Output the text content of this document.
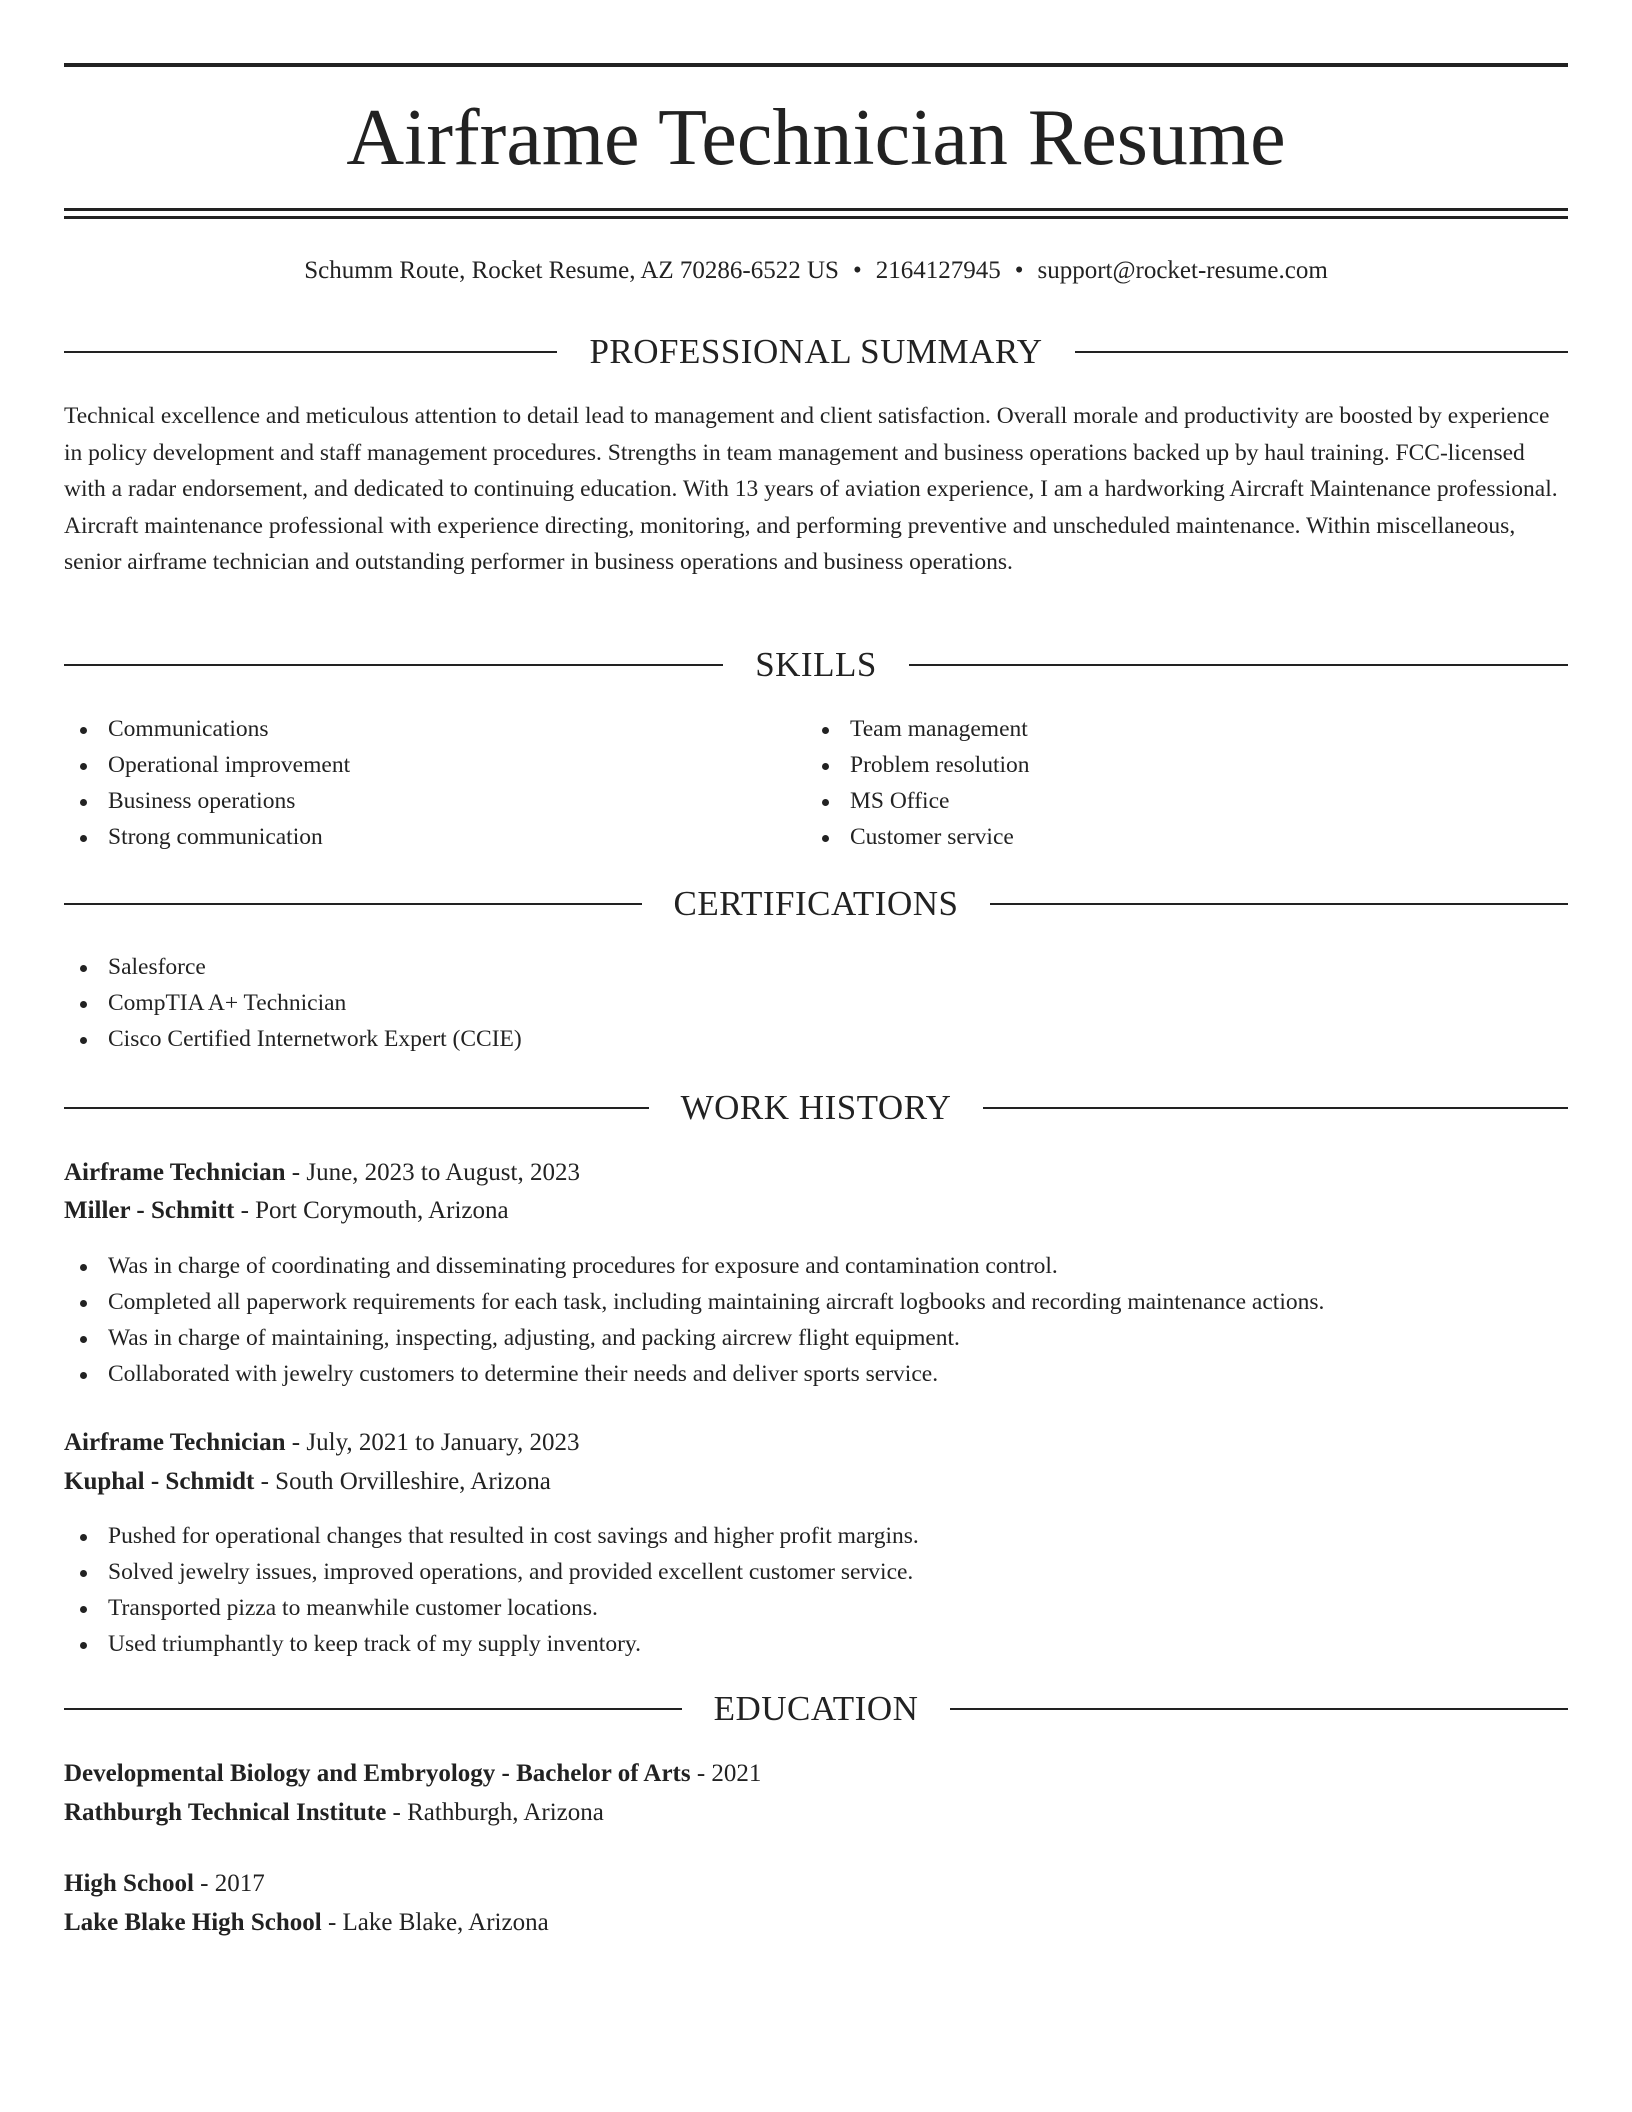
Airframe Technician Resume
Schumm Route, Rocket Resume, AZ 70286-6522 US • 2164127945 • support@rocket-resume.com
PROFESSIONAL SUMMARY

Technical excellence and meticulous attention to detail lead to management and client satisfaction. Overall morale and productivity are boosted by experience in policy development and staff management procedures. Strengths in team management and business operations backed up by haul training. FCC-licensed with a radar endorsement, and dedicated to continuing education. With 13 years of aviation experience, I am a hardworking Aircraft Maintenance professional. Aircraft maintenance professional with experience directing, monitoring, and performing preventive and unscheduled maintenance. Within miscellaneous, senior airframe technician and outstanding performer in business operations and business operations.

SKILLS
Communications
Operational improvement
Business operations
Strong communication
Team management
Problem resolution
MS Office
Customer service
CERTIFICATIONS
Salesforce
CompTIA A+ Technician
Cisco Certified Internetwork Expert (CCIE)
WORK HISTORY
Airframe Technician - June, 2023 to August, 2023
Miller - Schmitt - Port Corymouth, Arizona
Was in charge of coordinating and disseminating procedures for exposure and contamination control.
Completed all paperwork requirements for each task, including maintaining aircraft logbooks and recording maintenance actions.
Was in charge of maintaining, inspecting, adjusting, and packing aircrew flight equipment.
Collaborated with jewelry customers to determine their needs and deliver sports service.
Airframe Technician - July, 2021 to January, 2023
Kuphal - Schmidt - South Orvilleshire, Arizona
Pushed for operational changes that resulted in cost savings and higher profit margins.
Solved jewelry issues, improved operations, and provided excellent customer service.
Transported pizza to meanwhile customer locations.
Used triumphantly to keep track of my supply inventory.
EDUCATION
Developmental Biology and Embryology - Bachelor of Arts - 2021
Rathburgh Technical Institute - Rathburgh, Arizona
High School - 2017
Lake Blake High School - Lake Blake, Arizona
